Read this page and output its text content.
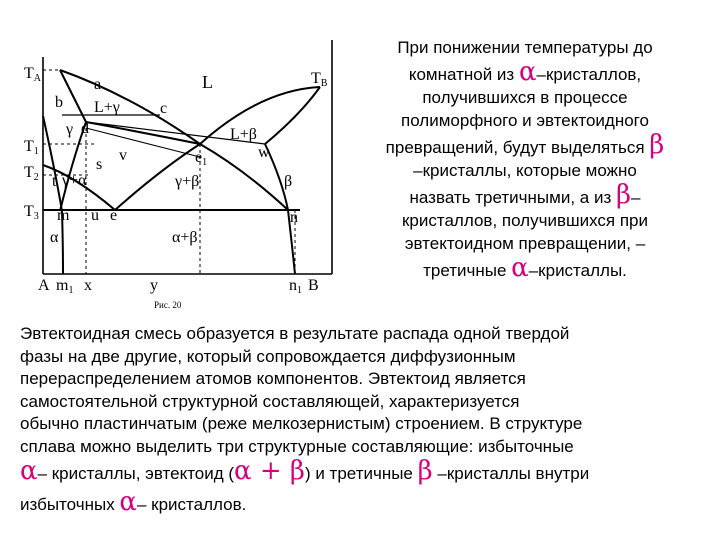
TA	TB
T1
T2
T3
a
b	c
d
s
v	e1
w
t
m u e	n
A m1 x	y	n1 B
L
L+γ
L+β
γ
γ+α	γ+β	β
α	α+β
Рис. 20
При понижении температуры до
комнатной из α–кристаллов,
получившихся в процессе
полиморфного и эвтектоидного
превращений, будут выделяться β
–кристаллы, которые можно
назвать третичными, а из β–
кристаллов, получившихся при
эвтектоидном превращении, –
третичные α–кристаллы.
Эвтектоидная смесь образуется в результате распада одной твердой
фазы на две другие, который сопровождается диффузионным
перераспределением атомов компонентов. Эвтектоид является
самостоятельной структурной составляющей, характеризуется
обычно пластинчатым (реже мелкозернистым) строением. В структуре
сплава можно выделить три структурные составляющие: избыточные
α– кристаллы, эвтектоид (α + β) и третичные β –кристаллы внутри
избыточных α– кристаллов.
